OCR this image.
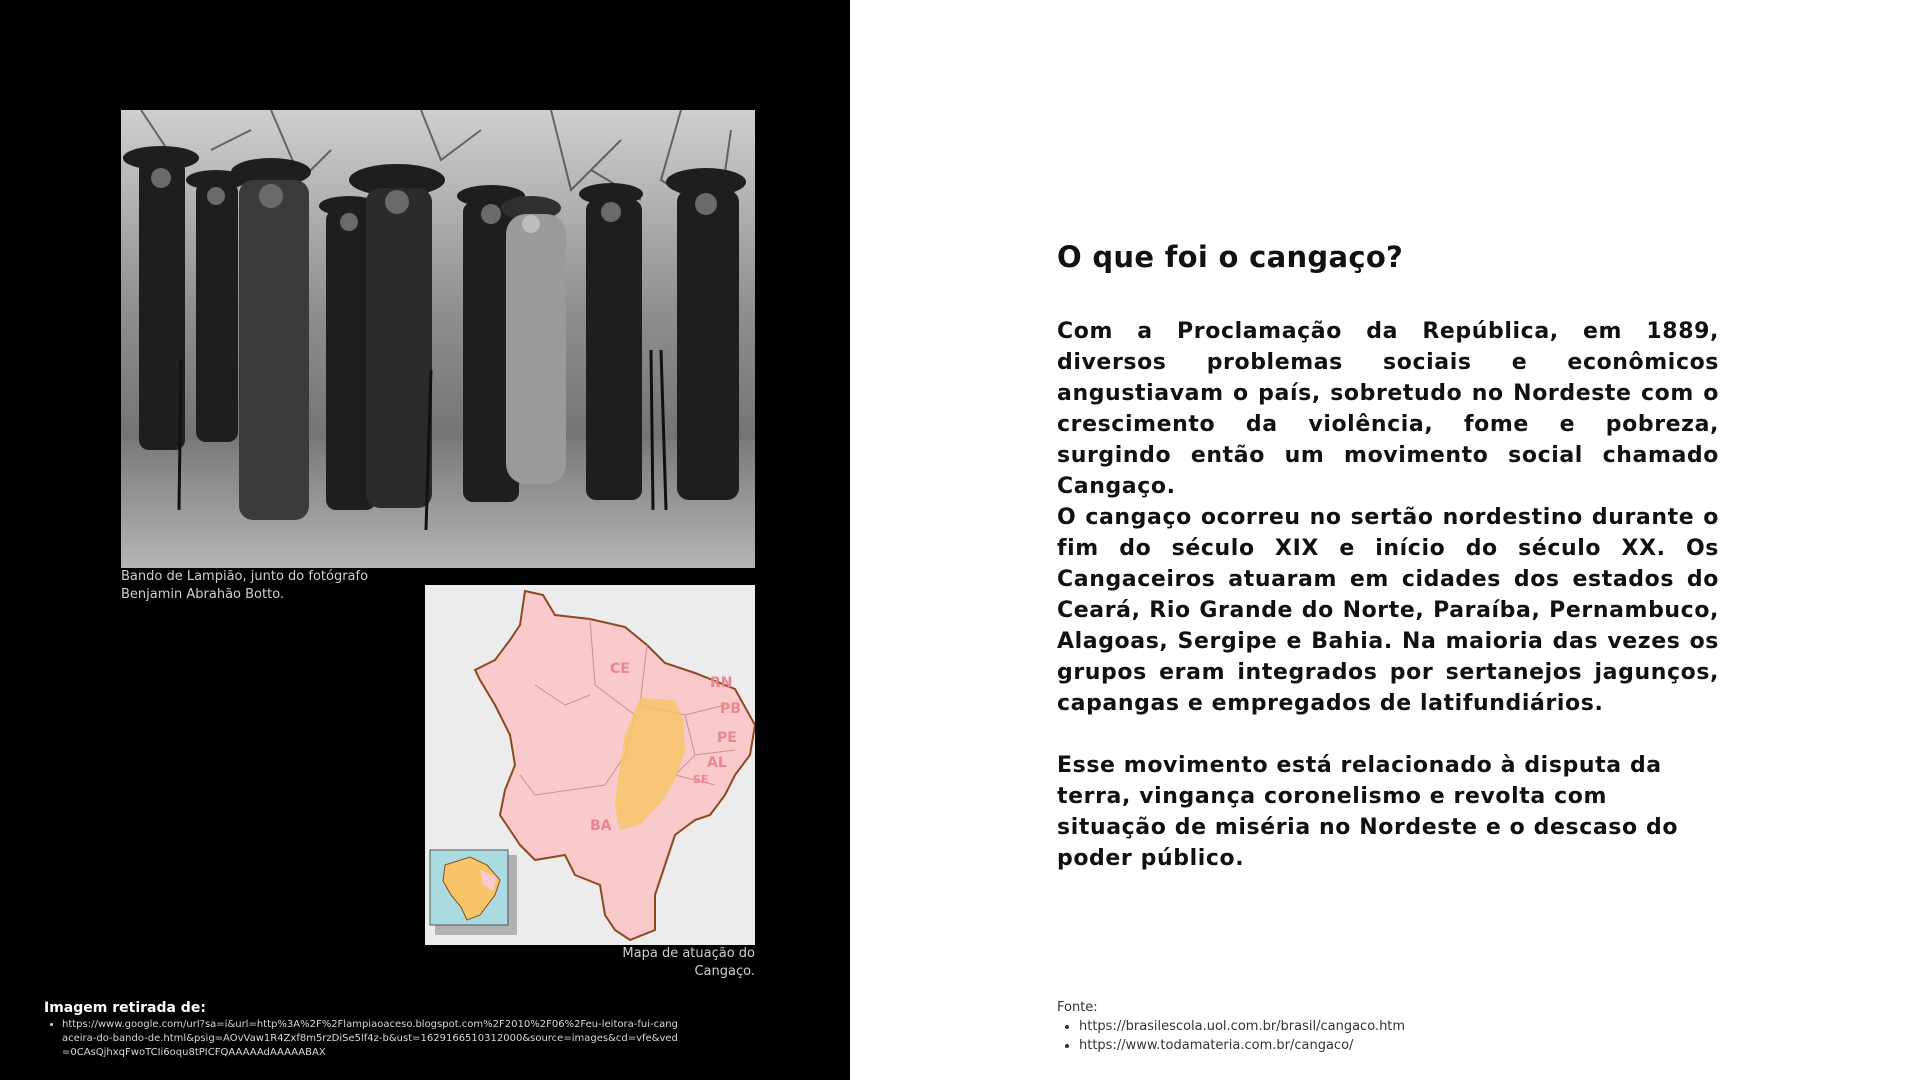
Bando de Lampião, junto do fotógrafo
Benjamin Abrahão Botto.
CE
RN
PB
PE
AL
SE
BA
Mapa de atuação do Cangaço.

Imagem retirada de:

• https://www.google.com/url?sa=i&url=http%3A%2F%2Flampiaoaceso.blogspot.com%2F2010%2F06%2Feu-leitora-fui-cangaceira-do-bando-de.html&psig=AOvVaw1R4Zxf8m5rzDiSe5lf4z-b&ust=1629166510312000&source=images&cd=vfe&ved=0CAsQjhxqFwoTCIi6oqu8tPICFQAAAAAdAAAAABAX
O que foi o cangaço?

Com a Proclamação da República, em 1889, diversos problemas sociais e econômicos angustiavam o país, sobretudo no Nordeste com o crescimento da violência, fome e pobreza, surgindo então um movimento social chamado Cangaço.

O cangaço ocorreu no sertão nordestino durante o fim do século XIX e início do século XX. Os Cangaceiros atuaram em cidades dos estados do Ceará, Rio Grande do Norte, Paraíba, Pernambuco, Alagoas, Sergipe e Bahia. Na maioria das vezes os grupos eram integrados por sertanejos jagunços, capangas e empregados de latifundiários.

Esse movimento está relacionado à disputa da terra, vingança coronelismo e revolta com situação de miséria no Nordeste e o descaso do poder público.

Fonte:

• https://brasilescola.uol.com.br/brasil/cangaco.htm
• https://www.todamateria.com.br/cangaco/
